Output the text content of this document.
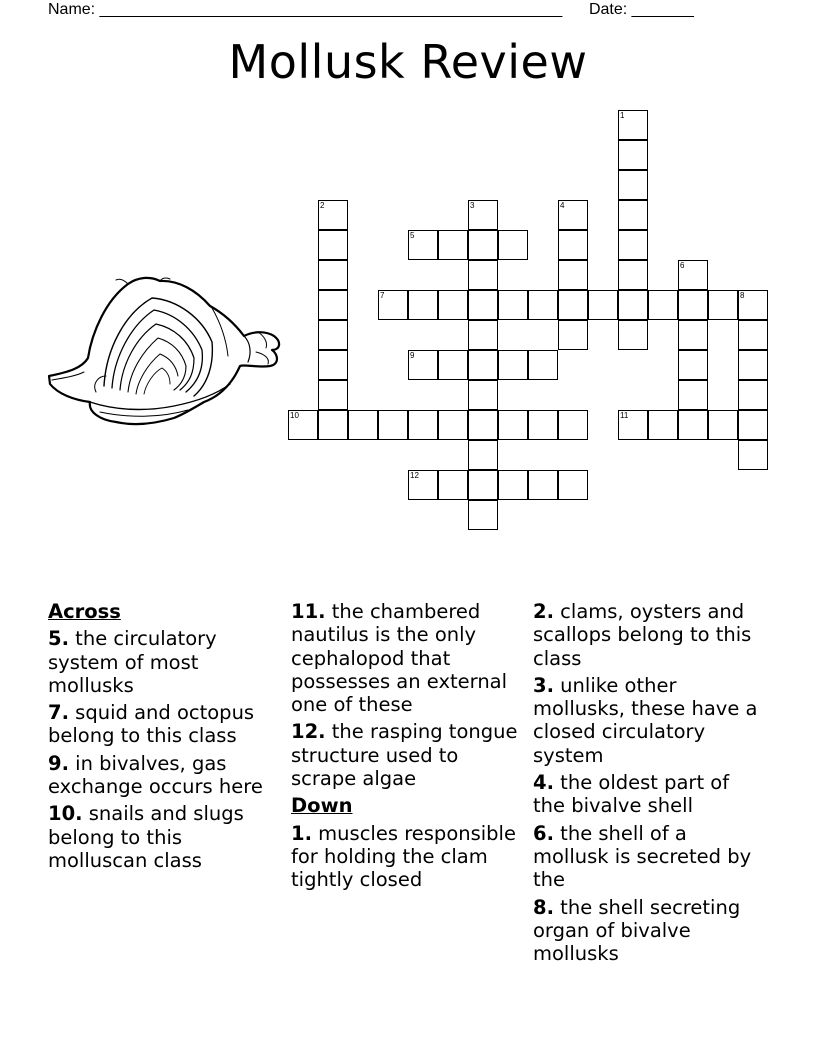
Name: ____________________________________________________ Date: _______
Mollusk Review
1
2	3	4
5
6
7	8
9
10	11
12
Across
5. the circulatory system of most mollusks
7. squid and octopus belong to this class
9. in bivalves, gas exchange occurs here
10. snails and slugs belong to this molluscan class
11. the chambered nautilus is the only cephalopod that possesses an external one of these
12. the rasping tongue structure used to scrape algae
Down
1. muscles responsible for holding the clam tightly closed
2. clams, oysters and scallops belong to this class
3. unlike other mollusks, these have a closed circulatory system
4. the oldest part of the bivalve shell
6. the shell of a mollusk is secreted by the
8. the shell secreting organ of bivalve mollusks
